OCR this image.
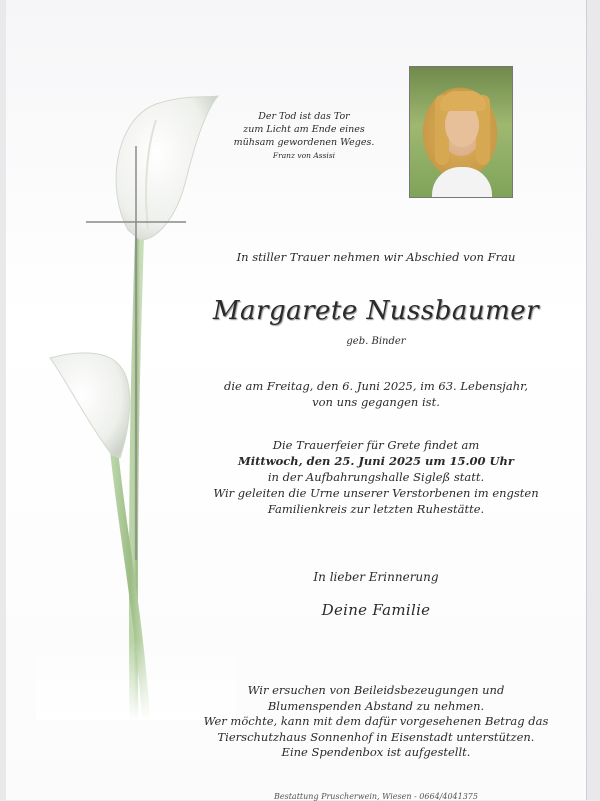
Der Tod ist das Tor
zum Licht am Ende eines
mühsam gewordenen Weges.
Franz von Assisi
In stiller Trauer nehmen wir Abschied von Frau
Margarete Nussbaumer
geb. Binder
die am Freitag, den 6. Juni 2025, im 63. Lebensjahr,
von uns gegangen ist.
Die Trauerfeier für Grete findet am
Mittwoch, den 25. Juni 2025 um 15.00 Uhr
in der Aufbahrungshalle Sigleß statt.
Wir geleiten die Urne unserer Verstorbenen im engsten
Familienkreis zur letzten Ruhestätte.
In lieber Erinnerung
Deine Familie
Wir ersuchen von Beileidsbezeugungen und
Blumenspenden Abstand zu nehmen.
Wer möchte, kann mit dem dafür vorgesehenen Betrag das
Tierschutzhaus Sonnenhof in Eisenstadt unterstützen.
Eine Spendenbox ist aufgestellt.
Bestattung Pruscherwein, Wiesen - 0664/4041375
